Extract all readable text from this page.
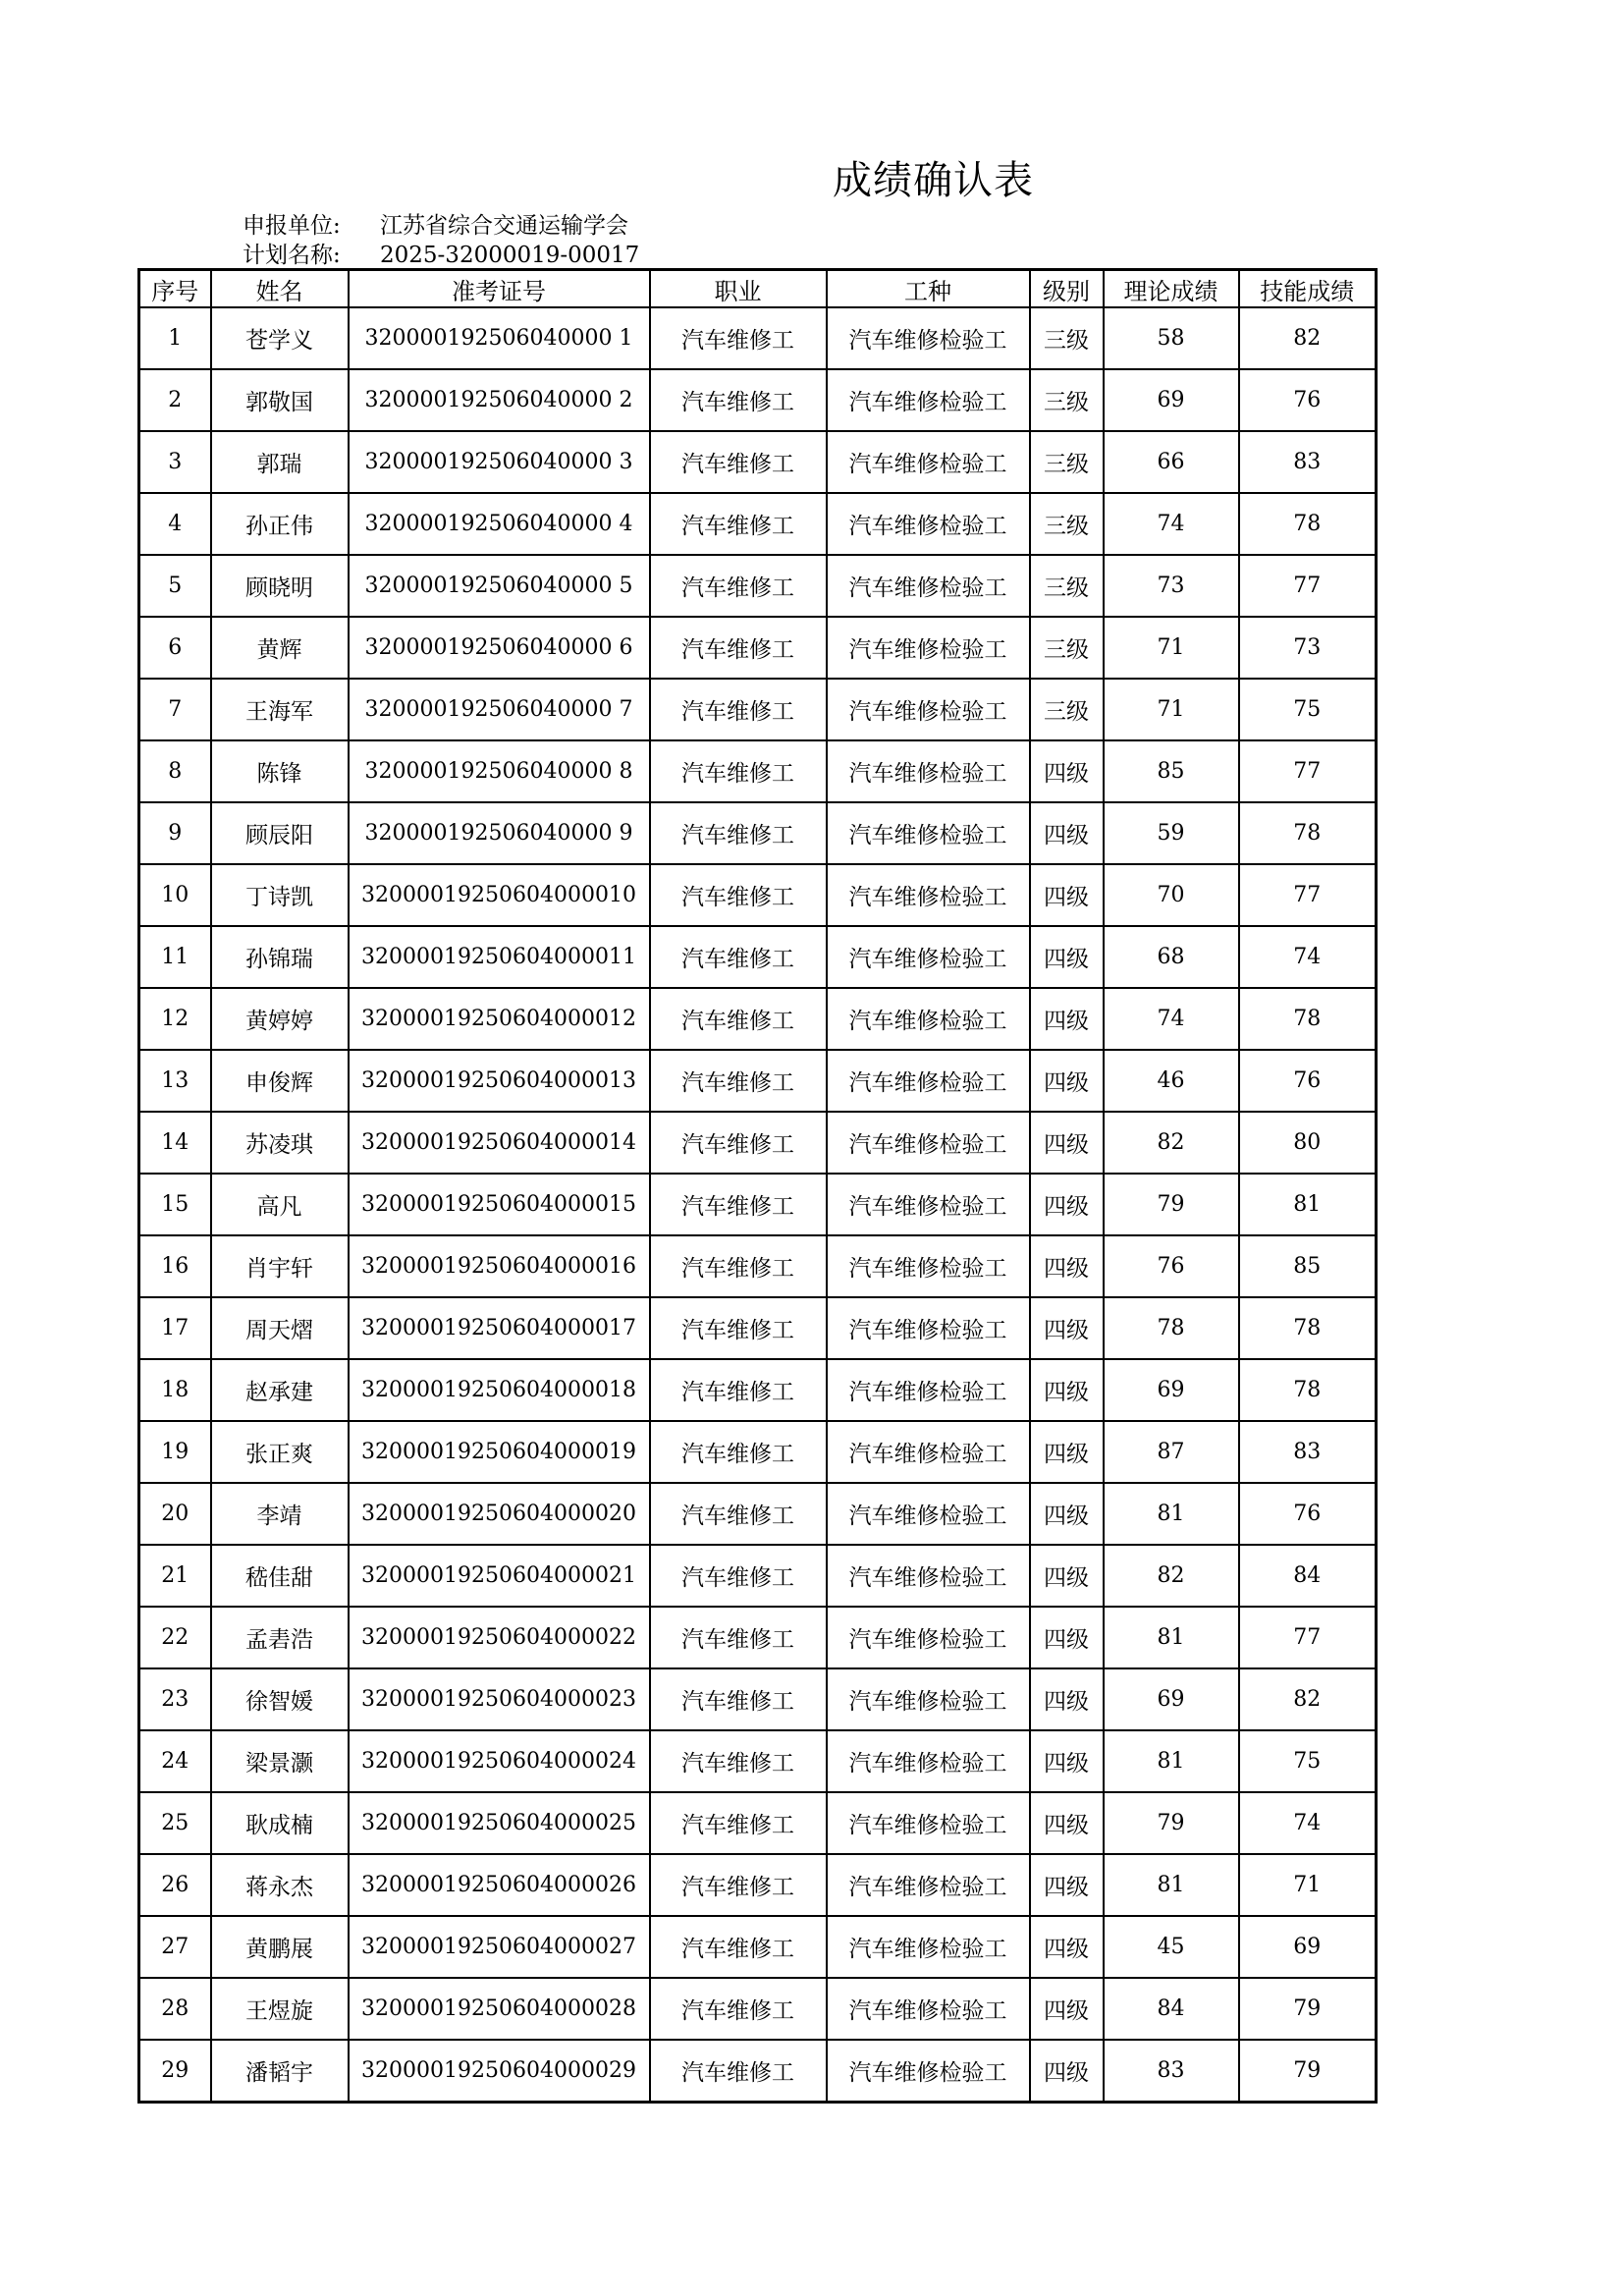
成绩确认表
申报单位: 江苏省综合交通运输学会
计划名称: 2025-32000019-00017
序号	姓名	准考证号	职业	工种	级别	理论成绩	技能成绩
1	苍学义	320000192506040000 1	汽车维修工	汽车维修检验工	三级	58	82
2	郭敬国	320000192506040000 2	汽车维修工	汽车维修检验工	三级	69	76
3	郭瑞	320000192506040000 3	汽车维修工	汽车维修检验工	三级	66	83
4	孙正伟	320000192506040000 4	汽车维修工	汽车维修检验工	三级	74	78
5	顾晓明	320000192506040000 5	汽车维修工	汽车维修检验工	三级	73	77
6	黄辉	320000192506040000 6	汽车维修工	汽车维修检验工	三级	71	73
7	王海军	320000192506040000 7	汽车维修工	汽车维修检验工	三级	71	75
8	陈锋	320000192506040000 8	汽车维修工	汽车维修检验工	四级	85	77
9	顾辰阳	320000192506040000 9	汽车维修工	汽车维修检验工	四级	59	78
10	丁诗凯	32000019250604000010	汽车维修工	汽车维修检验工	四级	70	77
11	孙锦瑞	32000019250604000011	汽车维修工	汽车维修检验工	四级	68	74
12	黄婷婷	32000019250604000012	汽车维修工	汽车维修检验工	四级	74	78
13	申俊辉	32000019250604000013	汽车维修工	汽车维修检验工	四级	46	76
14	苏凌琪	32000019250604000014	汽车维修工	汽车维修检验工	四级	82	80
15	高凡	32000019250604000015	汽车维修工	汽车维修检验工	四级	79	81
16	肖宇轩	32000019250604000016	汽车维修工	汽车维修检验工	四级	76	85
17	周天熠	32000019250604000017	汽车维修工	汽车维修检验工	四级	78	78
18	赵承建	32000019250604000018	汽车维修工	汽车维修检验工	四级	69	78
19	张正爽	32000019250604000019	汽车维修工	汽车维修检验工	四级	87	83
20	李靖	32000019250604000020	汽车维修工	汽车维修检验工	四级	81	76
21	嵇佳甜	32000019250604000021	汽车维修工	汽车维修检验工	四级	82	84
22	孟砉浩	32000019250604000022	汽车维修工	汽车维修检验工	四级	81	77
23	徐智媛	32000019250604000023	汽车维修工	汽车维修检验工	四级	69	82
24	梁景灏	32000019250604000024	汽车维修工	汽车维修检验工	四级	81	75
25	耿成楠	32000019250604000025	汽车维修工	汽车维修检验工	四级	79	74
26	蒋永杰	32000019250604000026	汽车维修工	汽车维修检验工	四级	81	71
27	黄鹏展	32000019250604000027	汽车维修工	汽车维修检验工	四级	45	69
28	王煜旋	32000019250604000028	汽车维修工	汽车维修检验工	四级	84	79
29	潘韬宇	32000019250604000029	汽车维修工	汽车维修检验工	四级	83	79
